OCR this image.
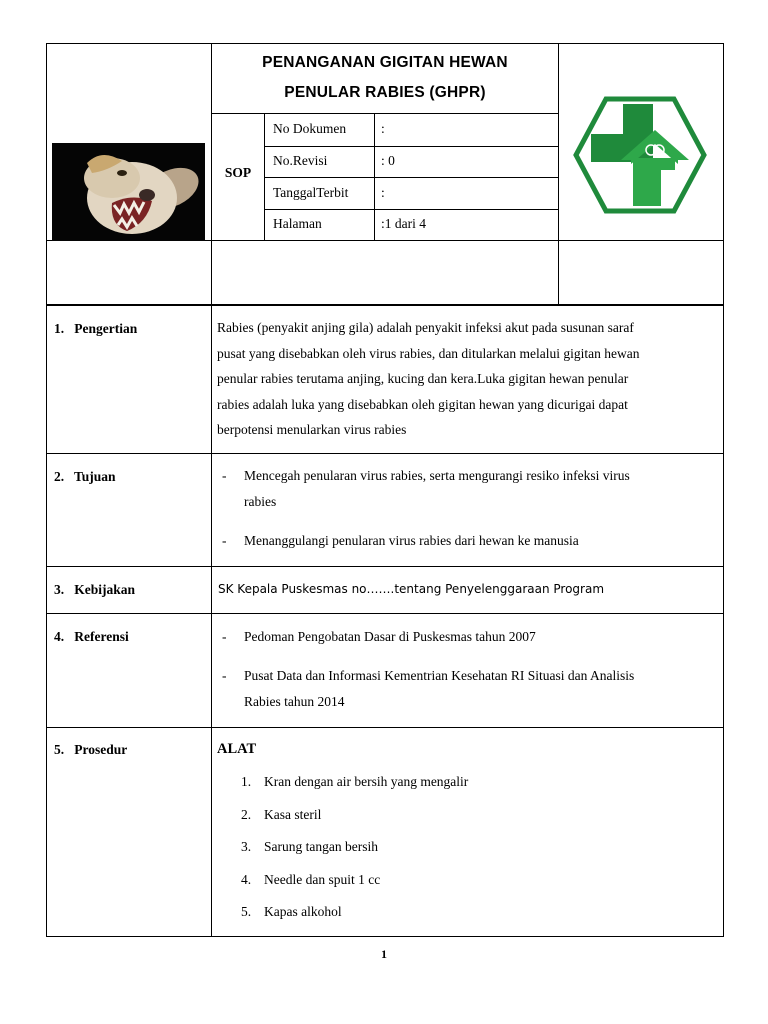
PENANGANAN GIGITAN HEWAN
PENULAR RABIES (GHPR)
SOP
No Dokumen	:
No.Revisi	: 0
TanggalTerbit :
Halaman	:1 dari 4
1.   Pengertian	Rabies (penyakit anjing gila) adalah penyakit infeksi akut pada susunan saraf
pusat yang disebabkan oleh virus rabies, dan ditularkan melalui gigitan hewan
penular rabies terutama anjing, kucing dan kera.Luka gigitan hewan penular
rabies adalah luka yang disebabkan oleh gigitan hewan yang dicurigai dapat
berpotensi menularkan virus rabies
2.   Tujuan	- Mencegah penularan virus rabies, serta mengurangi resiko infeksi virus
rabies
- Menanggulangi penularan virus rabies dari hewan ke manusia
3.   Kebijakan	SK Kepala Puskesmas no…….tentang Penyelenggaraan Program
4.   Referensi	- Pedoman Pengobatan Dasar di Puskesmas tahun 2007
- Pusat Data dan Informasi Kementrian Kesehatan RI Situasi dan Analisis
Rabies tahun 2014
5.   Prosedur	ALAT
1. Kran dengan air bersih yang mengalir
2. Kasa steril
3. Sarung tangan bersih
4. Needle dan spuit 1 cc
5. Kapas alkohol
1
